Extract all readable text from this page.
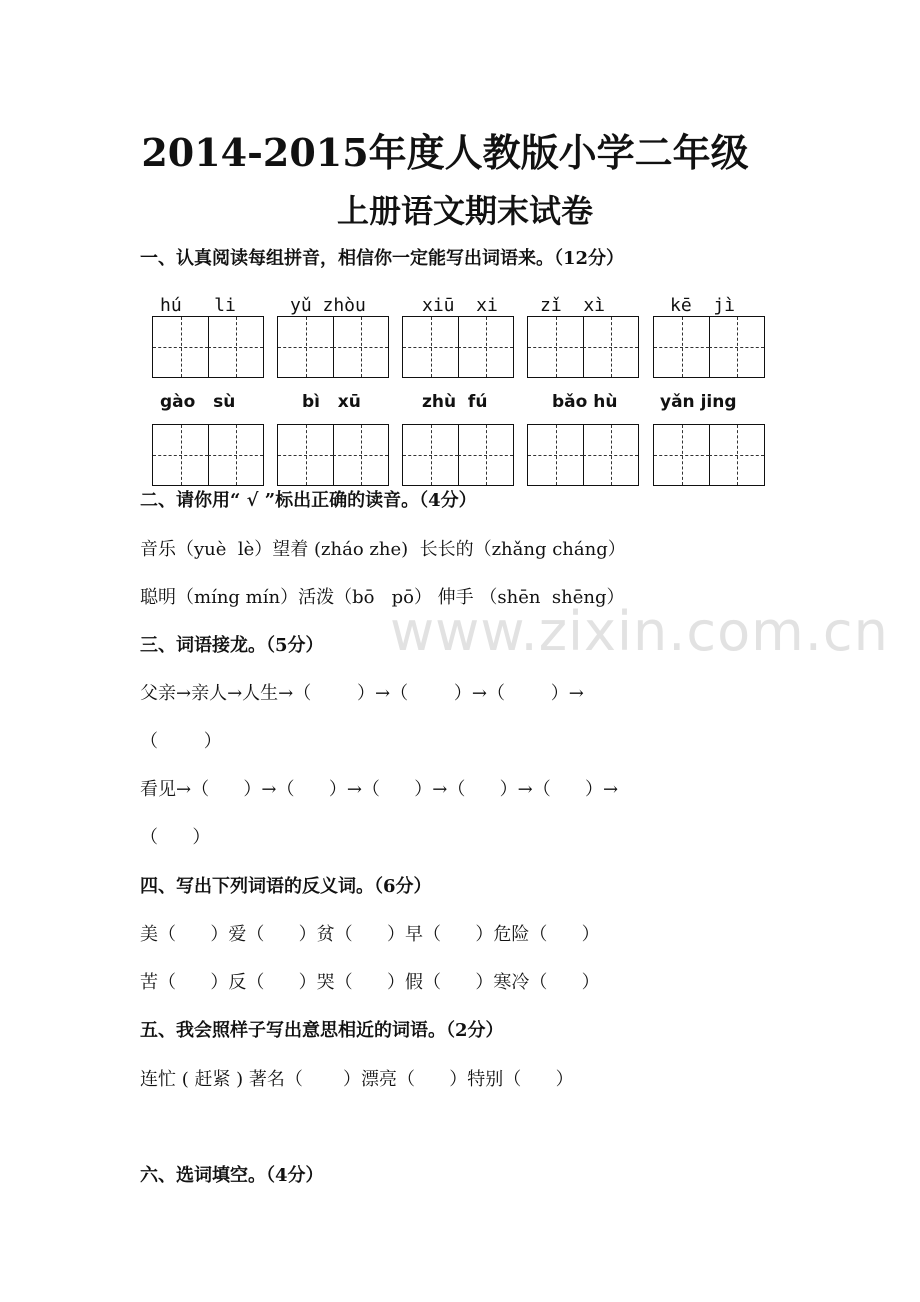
2014-2015年度人教版小学二年级
上册语文期末试卷
www.zixin.com.cn
一、认真阅读每组拼音，相信你一定能写出词语来。（12分）
hú   li	yǔ zhòu	xiū  xi zǐ  xì	kē  jì
gào   sù	bì   xū	zhù  fú	bǎo hù	yǎn jing
二、请你用“ √ ”标出正确的读音。（4分）
音乐（yuè  lè）望着 (zháo zhe)  长长的（zhǎng cháng）
聪明（míng mín）活泼（bō   pō） 伸手 （shēn  shēng）
三、词语接龙。（5分）
父亲→亲人→人生→（        ）→（        ）→（        ）→
（        ）
看见→（      ）→（      ）→（      ）→（      ）→（      ）→
（      ）
四、写出下列词语的反义词。（6分）
美（      ）爱（      ）贫（      ）早（      ）危险（      ）
苦（      ）反（      ）哭（      ）假（      ）寒冷（      ）
五、我会照样子写出意思相近的词语。（2分）
连忙 ( 赶紧 ) 著名（       ）漂亮（      ）特别（      ）
六、选词填空。（4分）
